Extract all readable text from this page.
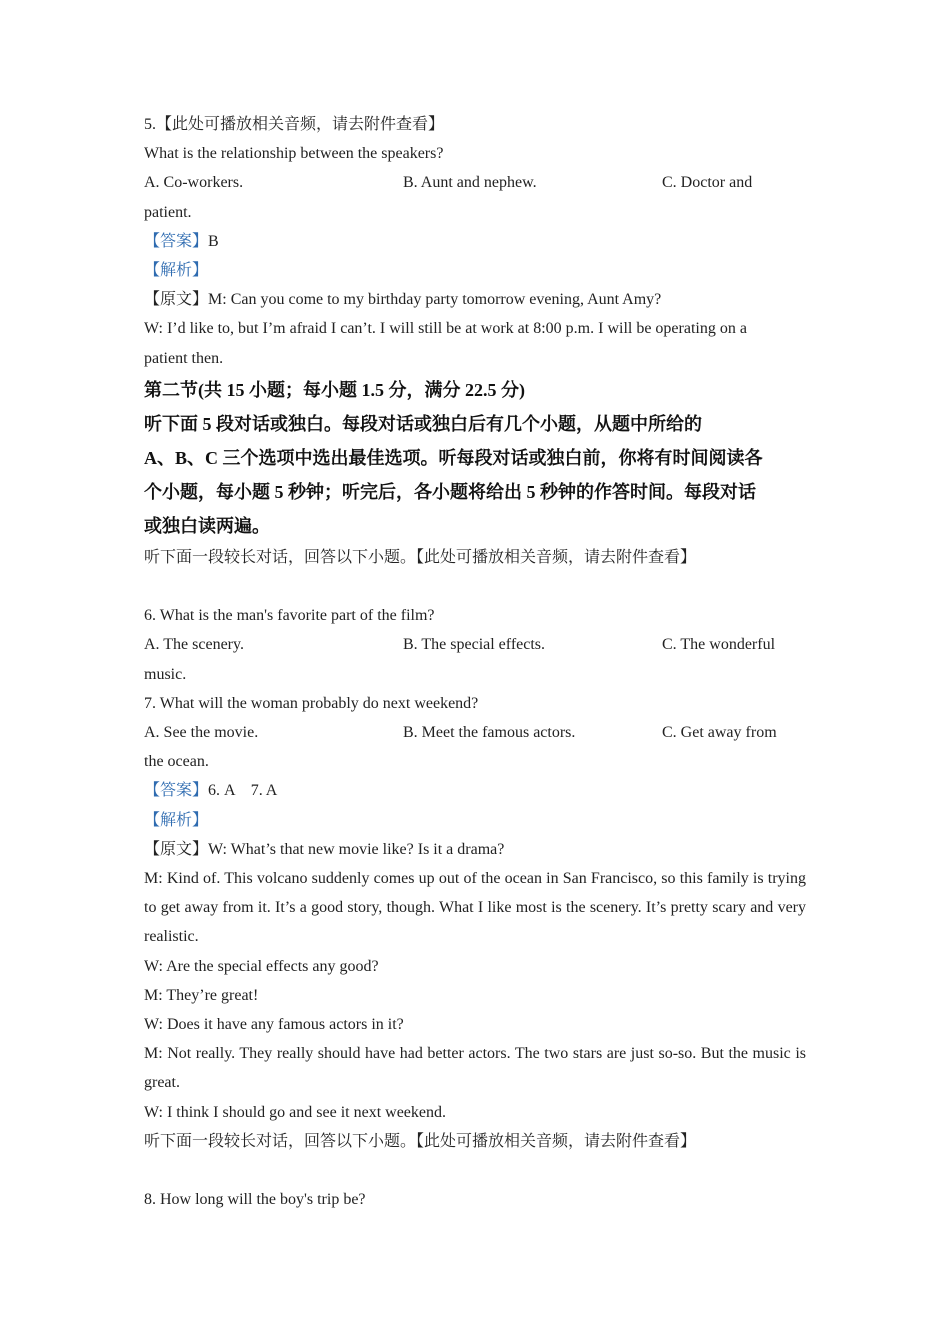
5.【此处可播放相关音频，请去附件查看】
What is the relationship between the speakers?
A. Co-workers.	B. Aunt and nephew.	C. Doctor and
patient.
【答案】B
【解析】
【原文】M: Can you come to my birthday party tomorrow evening, Aunt Amy?
W: I’d like to, but I’m afraid I can’t. I will still be at work at 8:00 p.m. I will be operating on a
patient then.
第二节(共 15 小题；每小题 1.5 分，满分 22.5 分)
听下面 5 段对话或独白。每段对话或独白后有几个小题，从题中所给的
A、B、C 三个选项中选出最佳选项。听每段对话或独白前，你将有时间阅读各
个小题，每小题 5 秒钟；听完后，各小题将给出 5 秒钟的作答时间。每段对话
或独白读两遍。
听下面一段较长对话，回答以下小题。【此处可播放相关音频，请去附件查看】
6. What is the man's favorite part of the film?
A. The scenery.	B. The special effects.	C. The wonderful
music.
7. What will the woman probably do next weekend?
A. See the movie.	B. Meet the famous actors.	C. Get away from
the ocean.
【答案】6. A    7. A
【解析】
【原文】W: What’s that new movie like? Is it a drama?
M: Kind of. This volcano suddenly comes up out of the ocean in San Francisco, so this family is trying to get away from it. It’s a good story, though. What I like most is the scenery. It’s pretty scary and very realistic.
W: Are the special effects any good?
M: They’re great!
W: Does it have any famous actors in it?
M: Not really. They really should have had better actors. The two stars are just so-so. But the music is great.
W: I think I should go and see it next weekend.
听下面一段较长对话，回答以下小题。【此处可播放相关音频，请去附件查看】
8. How long will the boy's trip be?
